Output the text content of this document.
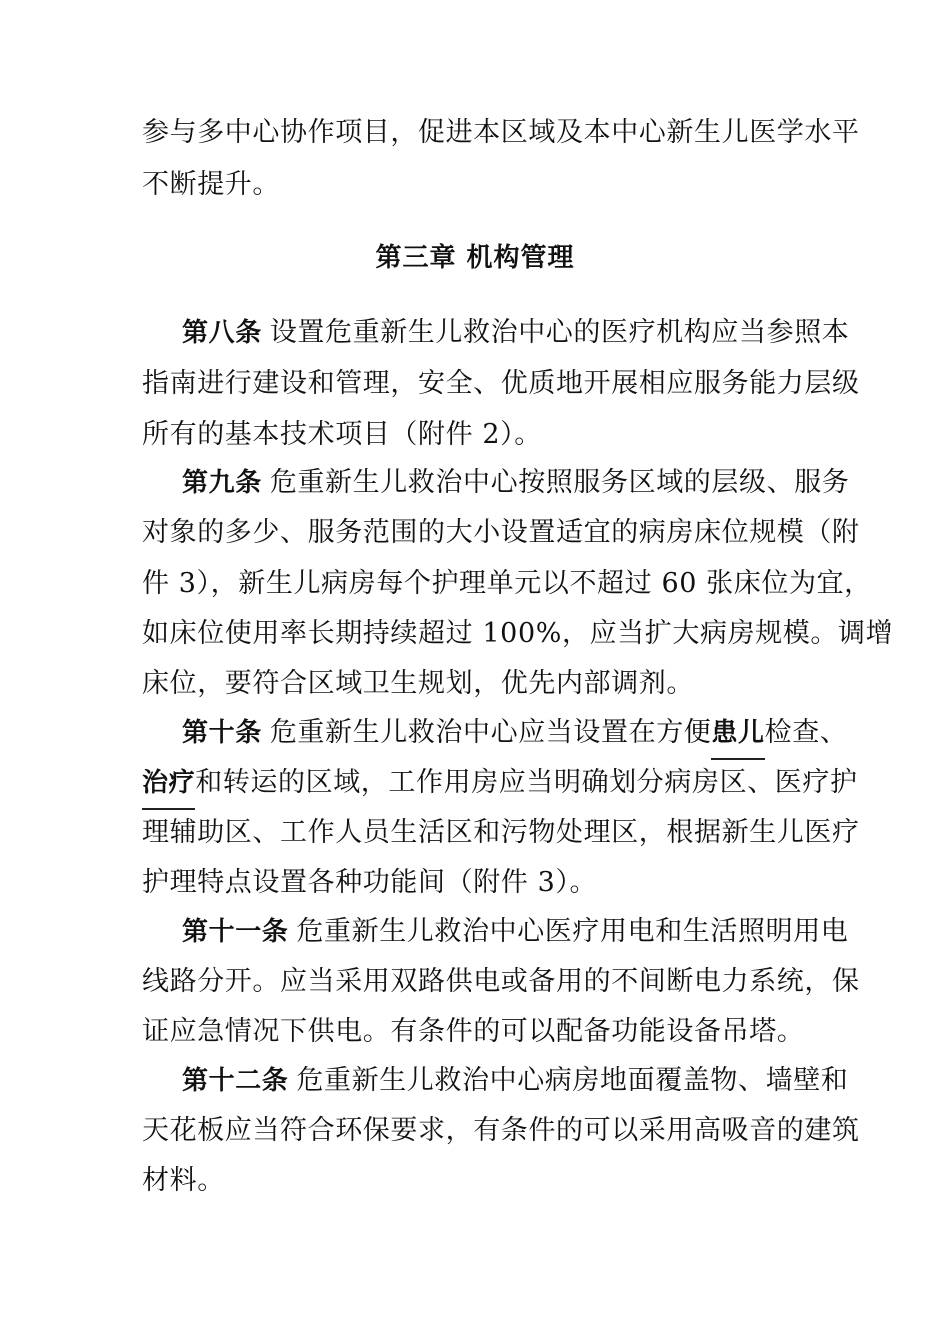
参与多中心协作项目，促进本区域及本中心新生儿医学水平
不断提升。
第三章 机构管理
第八条 设置危重新生儿救治中心的医疗机构应当参照本
指南进行建设和管理，安全、优质地开展相应服务能力层级
所有的基本技术项目（附件 2）。
第九条 危重新生儿救治中心按照服务区域的层级、服务
对象的多少、服务范围的大小设置适宜的病房床位规模（附
件 3），新生儿病房每个护理单元以不超过 60 张床位为宜，
如床位使用率长期持续超过 100%，应当扩大病房规模。调增
床位，要符合区域卫生规划，优先内部调剂。
第十条 危重新生儿救治中心应当设置在方便患儿检查、
治疗和转运的区域，工作用房应当明确划分病房区、医疗护
理辅助区、工作人员生活区和污物处理区，根据新生儿医疗
护理特点设置各种功能间（附件 3）。
第十一条 危重新生儿救治中心医疗用电和生活照明用电
线路分开。应当采用双路供电或备用的不间断电力系统，保
证应急情况下供电。有条件的可以配备功能设备吊塔。
第十二条 危重新生儿救治中心病房地面覆盖物、墙壁和
天花板应当符合环保要求，有条件的可以采用高吸音的建筑
材料。
